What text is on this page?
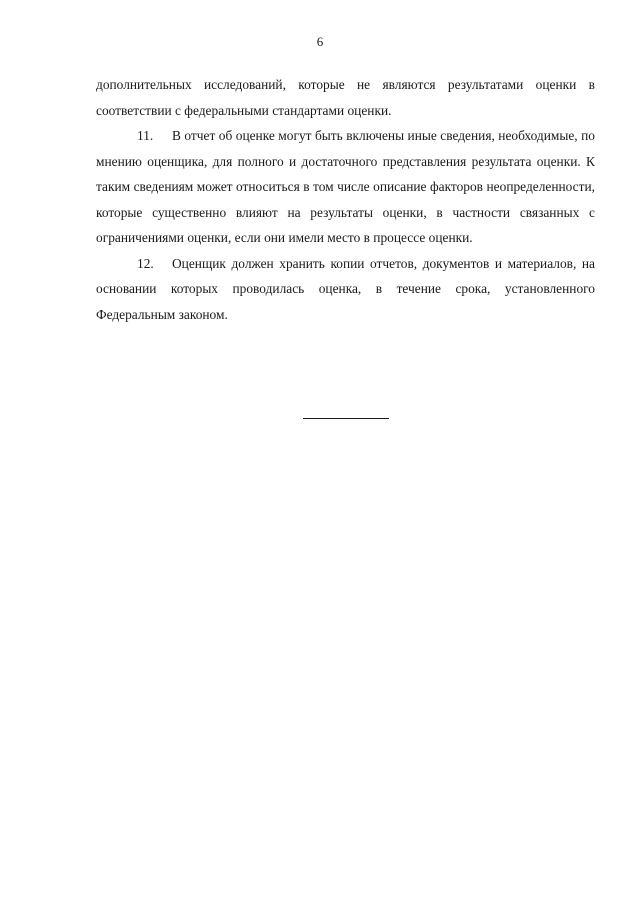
6

дополнительных исследований, которые не являются результатами оценки в соответствии с федеральными стандартами оценки.

11. В отчет об оценке могут быть включены иные сведения, необходимые, по мнению оценщика, для полного и достаточного представления результата оценки. К таким сведениям может относиться в том числе описание факторов неопределенности, которые существенно влияют на результаты оценки, в частности связанных с ограничениями оценки, если они имели место в процессе оценки.

12. Оценщик должен хранить копии отчетов, документов и материалов, на основании которых проводилась оценка, в течение срока, установленного Федеральным законом.
